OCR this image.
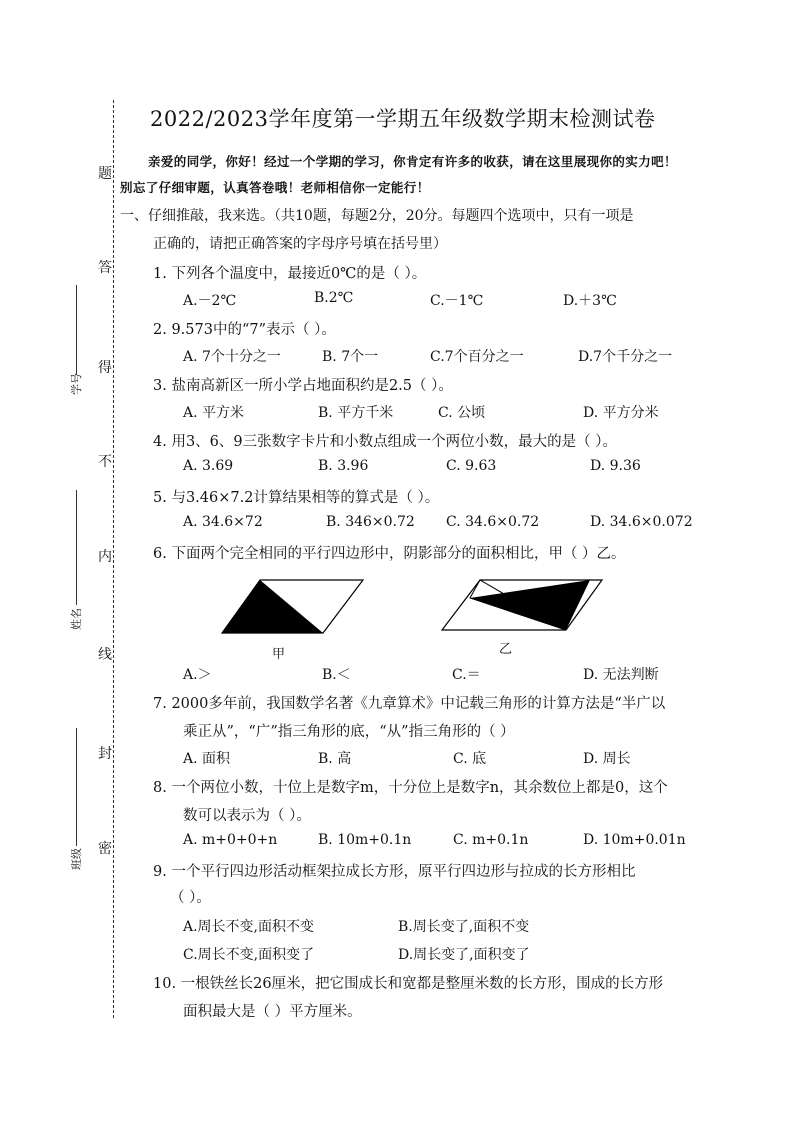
题
答
得
不
内
线
封
密
学号
姓名
班级
2022/2023学年度第一学期五年级数学期末检测试卷
亲爱的同学，你好！经过一个学期的学习，你肯定有许多的收获，请在这里展现你的实力吧！
别忘了仔细审题，认真答卷哦！老师相信你一定能行！
一、仔细推敲，我来选。（共10题，每题2分，20分。每题四个选项中，只有一项是
正确的，请把正确答案的字母序号填在括号里）
1. 下列各个温度中，最接近0℃的是（ ）。
A.－2℃	B.2℃	C.－1℃	D.＋3℃
2. 9.573中的“7”表示（ ）。
A. 7个十分之一	B. 7个一	C.7个百分之一	D.7个千分之一
3. 盐南高新区一所小学占地面积约是2.5（ ）。
A. 平方米	B. 平方千米	C. 公顷	D. 平方分米
4. 用3、6、9三张数字卡片和小数点组成一个两位小数，最大的是（ ）。
A. 3.69	B. 3.96	C. 9.63	D. 9.36
5. 与3.46×7.2计算结果相等的算式是（ ）。
A. 34.6×72	B. 346×0.72 C. 34.6×0.72	D. 34.6×0.072
6. 下面两个完全相同的平行四边形中，阴影部分的面积相比，甲（ ）乙。
甲	乙
A.＞	B.＜	C.＝	D. 无法判断
7. 2000多年前，我国数学名著《九章算术》中记载三角形的计算方法是“半广以
乘正从”，“广”指三角形的底，“从”指三角形的（ ）
A. 面积	B. 高	C. 底	D. 周长
8. 一个两位小数，十位上是数字m，十分位上是数字n，其余数位上都是0，这个
数可以表示为（ ）。
A. m+0+0+n	B. 10m+0.1n	C. m+0.1n	D. 10m+0.01n
9. 一个平行四边形活动框架拉成长方形，原平行四边形与拉成的长方形相比
（ ）。
A.周长不变,面积不变	B.周长变了,面积不变
C.周长不变,面积变了	D.周长变了,面积变了
10. 一根铁丝长26厘米，把它围成长和宽都是整厘米数的长方形，围成的长方形
面积最大是（ ）平方厘米。
